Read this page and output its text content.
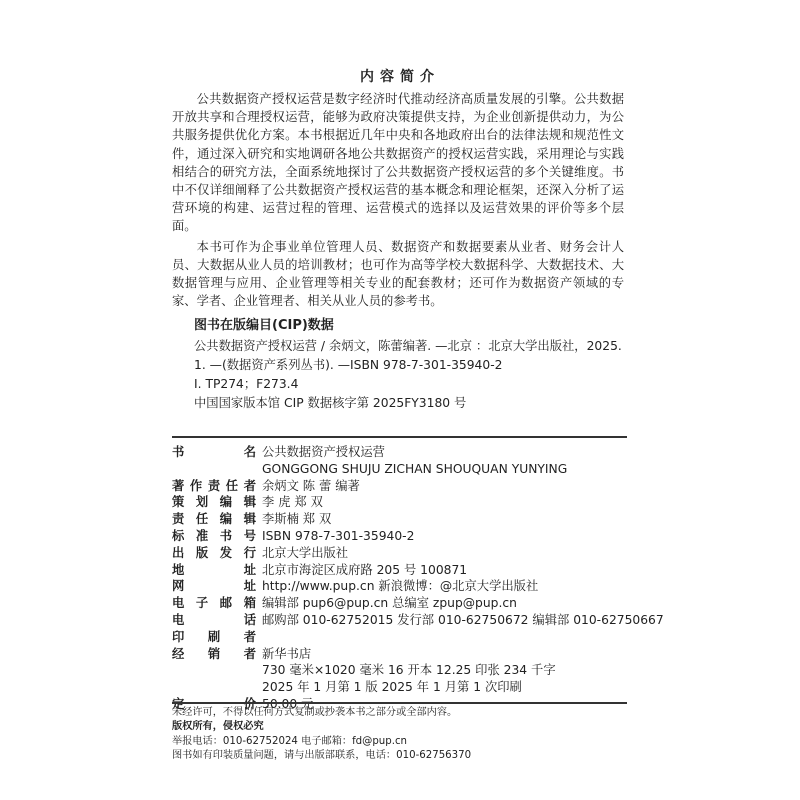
内容简介

公共数据资产授权运营是数字经济时代推动经济高质量发展的引擎。公共数据开放共享和合理授权运营，能够为政府决策提供支持，为企业创新提供动力，为公共服务提供优化方案。本书根据近几年中央和各地政府出台的法律法规和规范性文件，通过深入研究和实地调研各地公共数据资产的授权运营实践，采用理论与实践相结合的研究方法，全面系统地探讨了公共数据资产授权运营的多个关键维度。书中不仅详细阐释了公共数据资产授权运营的基本概念和理论框架，还深入分析了运营环境的构建、运营过程的管理、运营模式的选择以及运营效果的评价等多个层面。

本书可作为企事业单位管理人员、数据资产和数据要素从业者、财务会计人员、大数据从业人员的培训教材；也可作为高等学校大数据科学、大数据技术、大数据管理与应用、企业管理等相关专业的配套教材；还可作为数据资产领域的专家、学者、企业管理者、相关从业人员的参考书。

图书在版编目(CIP)数据
公共数据资产授权运营 / 余炳文，陈蕾编著. —北京 ：北京大学出版社，2025.
1. —(数据资产系列丛书). —ISBN 978-7-301-35940-2
Ⅰ. TP274；F273.4
中国国家版本馆 CIP 数据核字第 2025FY3180 号
书名	公共数据资产授权运营
	GONGGONG SHUJU ZICHAN SHOUQUAN YUNYING
著作责任者	余炳文 陈 蕾 编著
策划编辑	李 虎 郑 双
责任编辑	李斯楠 郑 双
标准书号	ISBN 978-7-301-35940-2
出版发行	北京大学出版社
地址	北京市海淀区成府路 205 号 100871
网址	http://www.pup.cn 新浪微博：@北京大学出版社
电子邮箱	编辑部 pup6@pup.cn 总编室 zpup@pup.cn
电话	邮购部 010-62752015 发行部 010-62750672 编辑部 010-62750667
印刷者	
经销者	新华书店
	730 毫米×1020 毫米 16 开本 12.25 印张 234 千字
	2025 年 1 月第 1 版 2025 年 1 月第 1 次印刷
定价	50.00 元
未经许可，不得以任何方式复制或抄袭本书之部分或全部内容。
版权所有，侵权必究
举报电话：010-62752024 电子邮箱：fd@pup.cn
图书如有印装质量问题，请与出版部联系，电话：010-62756370
